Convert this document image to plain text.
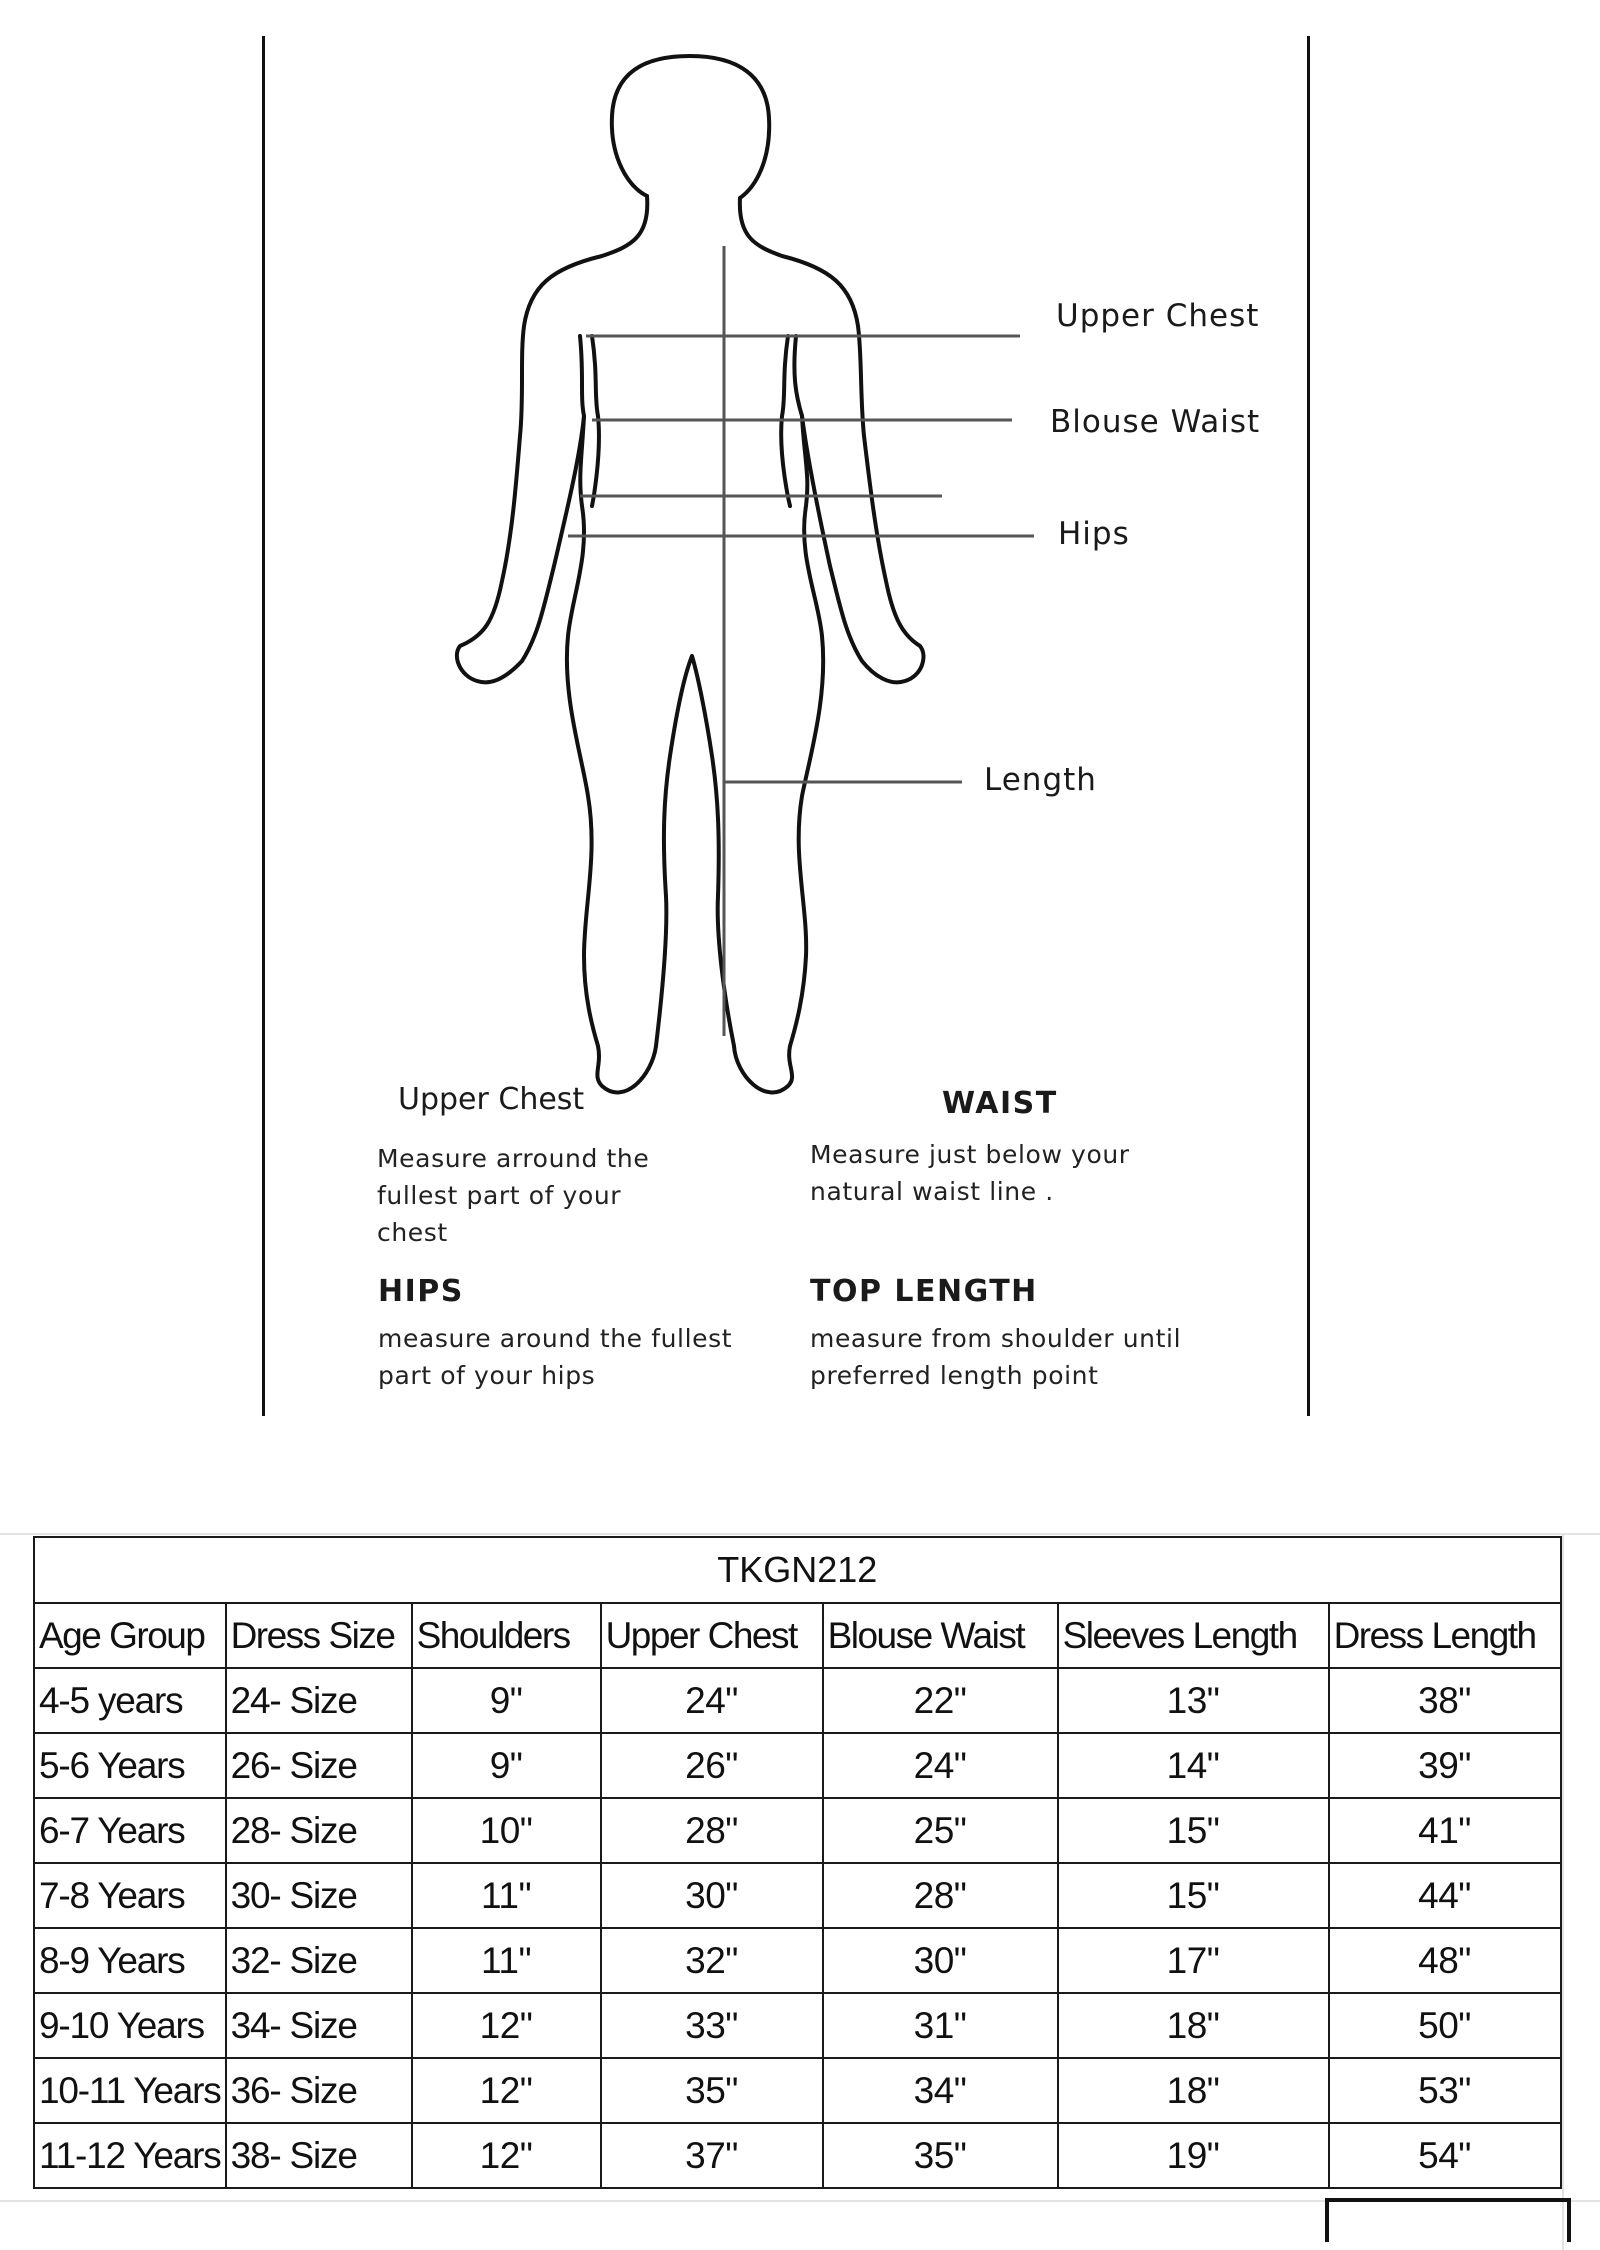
Upper Chest
Blouse Waist
Hips
Length
Upper Chest
Measure arround the fullest part of your chest
WAIST
Measure just below your natural waist line .
HIPS
measure around the fullest part of your hips
TOP LENGTH
measure from shoulder until preferred length point
TKGN212						
Age Group	Dress Size	Shoulders	Upper Chest	Blouse Waist	Sleeves Length	Dress Length
4-5 years	24- Size	9"	24"	22"	13"	38"
5-6 Years	26- Size	9"	26"	24"	14"	39"
6-7 Years	28- Size	10"	28"	25"	15"	41"
7-8 Years	30- Size	11"	30"	28"	15"	44"
8-9 Years	32- Size	11"	32"	30"	17"	48"
9-10 Years	34- Size	12"	33"	31"	18"	50"
10-11 Years	36- Size	12"	35"	34"	18"	53"
11-12 Years	38- Size	12"	37"	35"	19"	54"
